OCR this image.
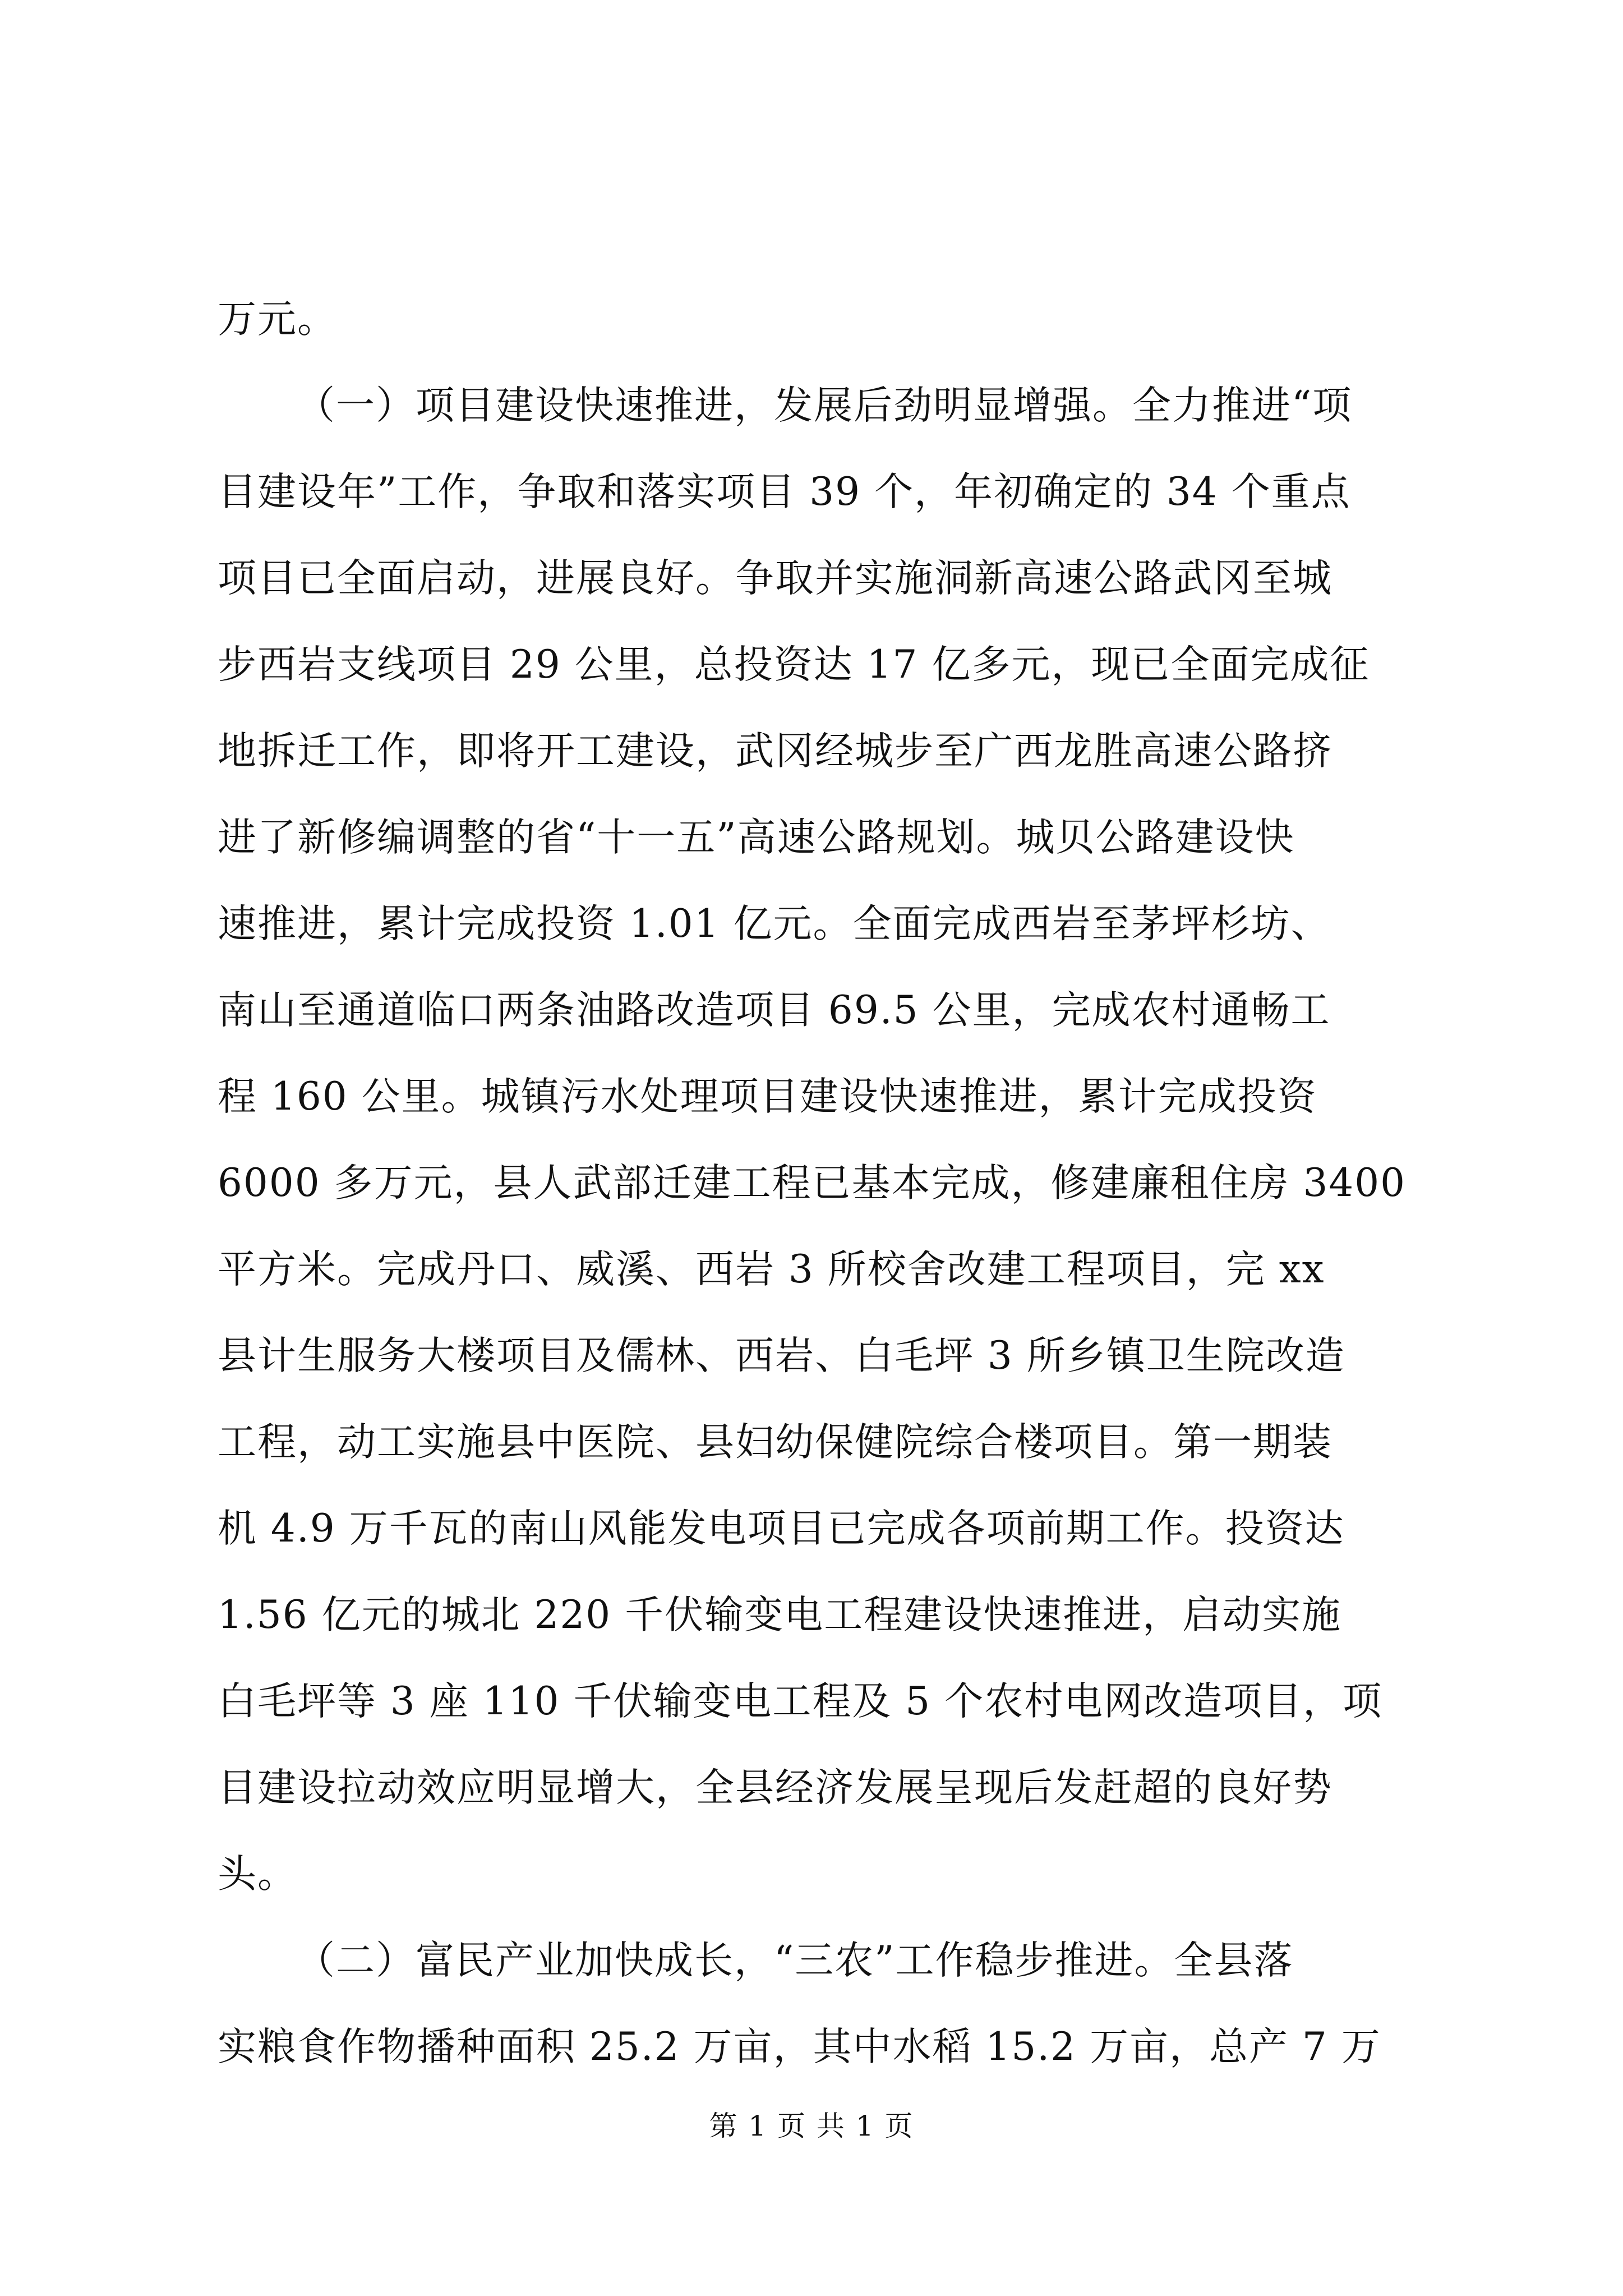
万元。
（一）项目建设快速推进，发展后劲明显增强。全力推进“项
目建设年”工作，争取和落实项目 39 个，年初确定的 34 个重点
项目已全面启动，进展良好。争取并实施洞新高速公路武冈至城
步西岩支线项目 29 公里，总投资达 17 亿多元，现已全面完成征
地拆迁工作，即将开工建设，武冈经城步至广西龙胜高速公路挤
进了新修编调整的省“十一五”高速公路规划。城贝公路建设快
速推进，累计完成投资 1.01 亿元。全面完成西岩至茅坪杉坊、
南山至通道临口两条油路改造项目 69.5 公里，完成农村通畅工
程 160 公里。城镇污水处理项目建设快速推进，累计完成投资
6000 多万元，县人武部迁建工程已基本完成，修建廉租住房 3400
平方米。完成丹口、威溪、西岩 3 所校舍改建工程项目，完 xx
县计生服务大楼项目及儒林、西岩、白毛坪 3 所乡镇卫生院改造
工程，动工实施县中医院、县妇幼保健院综合楼项目。第一期装
机 4.9 万千瓦的南山风能发电项目已完成各项前期工作。投资达
1.56 亿元的城北 220 千伏输变电工程建设快速推进，启动实施
白毛坪等 3 座 110 千伏输变电工程及 5 个农村电网改造项目，项
目建设拉动效应明显增大，全县经济发展呈现后发赶超的良好势
头。
（二）富民产业加快成长，“三农”工作稳步推进。全县落
实粮食作物播种面积 25.2 万亩，其中水稻 15.2 万亩，总产 7 万
第 1 页 共 1 页
